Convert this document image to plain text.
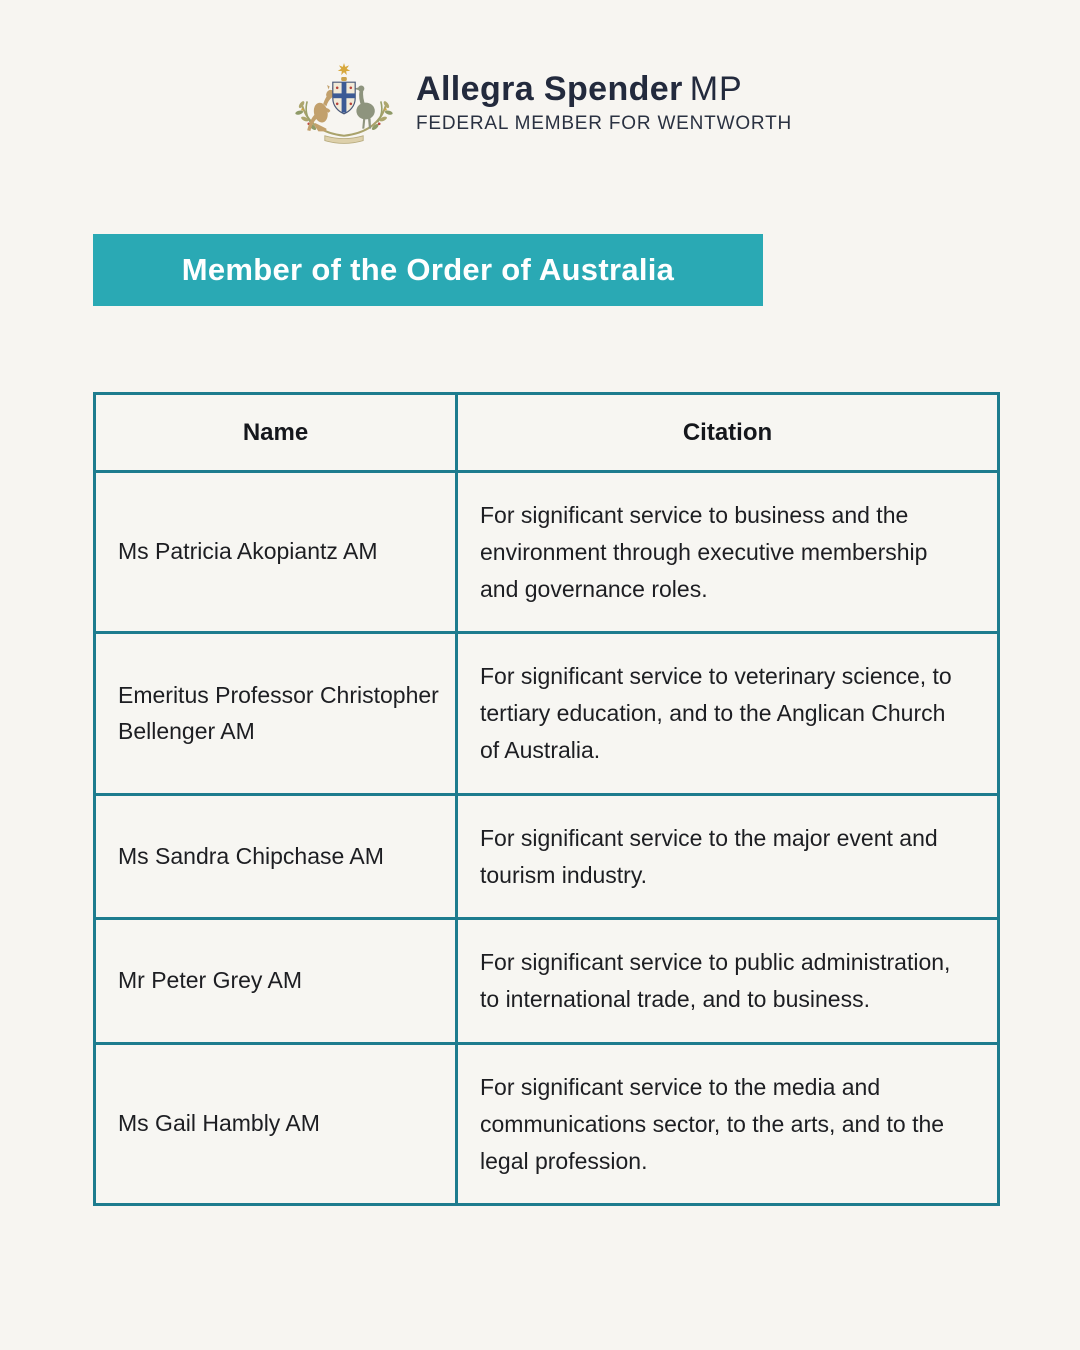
Allegra Spender MP
FEDERAL MEMBER FOR WENTWORTH
Member of the Order of Australia
Name	Citation
Ms Patricia Akopiantz AM	For significant service to business and the environment through executive membership and governance roles.
Emeritus Professor Christopher Bellenger AM	For significant service to veterinary science, to tertiary education, and to the Anglican Church of Australia.
Ms Sandra Chipchase AM	For significant service to the major event and tourism industry.
Mr Peter Grey AM	For significant service to public administration, to international trade, and to business.
Ms Gail Hambly AM	For significant service to the media and communications sector, to the arts, and to the legal profession.
